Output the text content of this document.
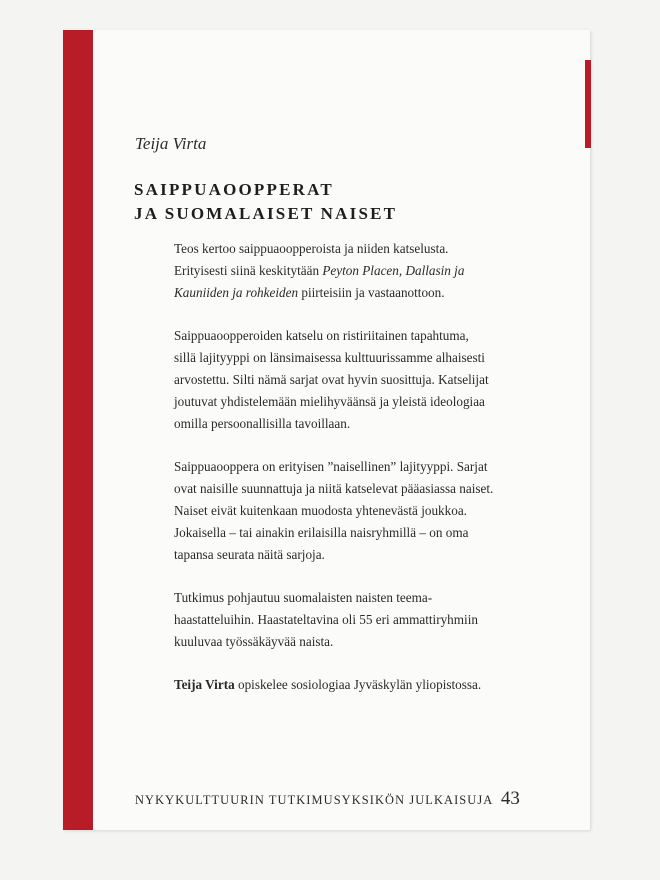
Teija Virta
SAIPPUAOOPPERAT
JA SUOMALAISET NAISET

Teos kertoo saippuaoopperoista ja niiden katselusta.
Erityisesti siinä keskitytään Peyton Placen, Dallasin ja
Kauniiden ja rohkeiden piirteisiin ja vastaanottoon.

Saippuaoopperoiden katselu on ristiriitainen tapahtuma,
sillä lajityyppi on länsimaisessa kulttuurissamme alhaisesti
arvostettu. Silti nämä sarjat ovat hyvin suosittuja. Katselijat
joutuvat yhdistelemään mielihyväänsä ja yleistä ideologiaa
omilla persoonallisilla tavoillaan.

Saippuaooppera on erityisen ”naisellinen” lajityyppi. Sarjat
ovat naisille suunnattuja ja niitä katselevat pääasiassa naiset.
Naiset eivät kuitenkaan muodosta yhtenevästä joukkoa.
Jokaisella – tai ainakin erilaisilla naisryhmillä – on oma
tapansa seurata näitä sarjoja.

Tutkimus pohjautuu suomalaisten naisten teema-
haastatteluihin. Haastateltavina oli 55 eri ammattiryhmiin
kuuluvaa työssäkäyvää naista.

Teija Virta opiskelee sosiologiaa Jyväskylän yliopistossa.

NYKYKULTTUURIN TUTKIMUSYKSIKÖN JULKAISUJA 43
